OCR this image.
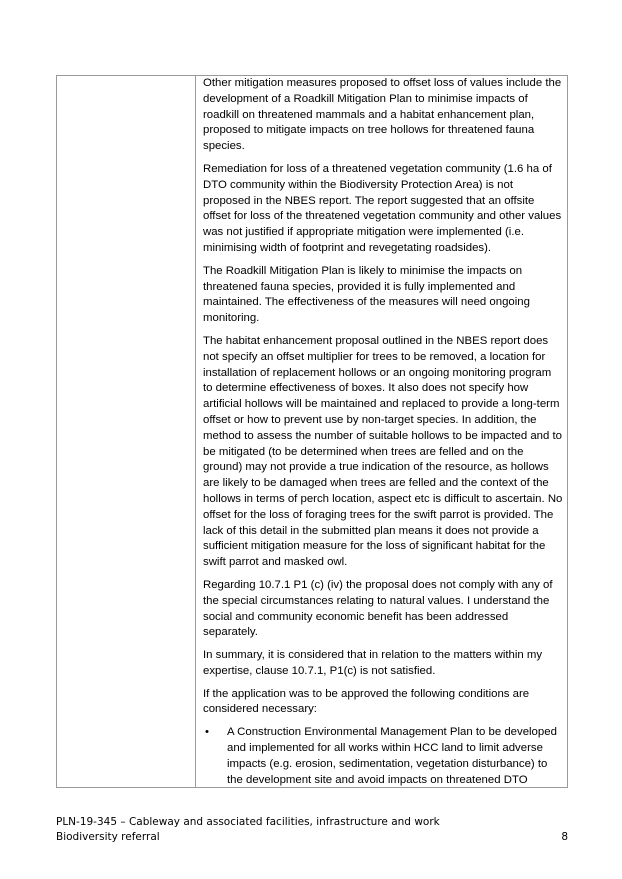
Other mitigation measures proposed to offset loss of values include the development of a Roadkill Mitigation Plan to minimise impacts of roadkill on threatened mammals and a habitat enhancement plan, proposed to mitigate impacts on tree hollows for threatened fauna species.

Remediation for loss of a threatened vegetation community (1.6 ha of DTO community within the Biodiversity Protection Area) is not proposed in the NBES report. The report suggested that an offsite offset for loss of the threatened vegetation community and other values was not justified if appropriate mitigation were implemented (i.e. minimising width of footprint and revegetating roadsides).

The Roadkill Mitigation Plan is likely to minimise the impacts on threatened fauna species, provided it is fully implemented and maintained. The effectiveness of the measures will need ongoing monitoring.

The habitat enhancement proposal outlined in the NBES report does not specify an offset multiplier for trees to be removed, a location for installation of replacement hollows or an ongoing monitoring program to determine effectiveness of boxes. It also does not specify how artificial hollows will be maintained and replaced to provide a long-term offset or how to prevent use by non-target species. In addition, the method to assess the number of suitable hollows to be impacted and to be mitigated (to be determined when trees are felled and on the ground) may not provide a true indication of the resource, as hollows are likely to be damaged when trees are felled and the context of the hollows in terms of perch location, aspect etc is difficult to ascertain. No offset for the loss of foraging trees for the swift parrot is provided. The lack of this detail in the submitted plan means it does not provide a sufficient mitigation measure for the loss of significant habitat for the swift parrot and masked owl.

Regarding 10.7.1 P1 (c) (iv) the proposal does not comply with any of the special circumstances relating to natural values. I understand the social and community economic benefit has been addressed separately.

In summary, it is considered that in relation to the matters within my expertise, clause 10.7.1, P1(c) is not satisfied.

If the application was to be approved the following conditions are considered necessary:

•	A Construction Environmental Management Plan to be developed and implemented for all works within HCC land to limit adverse impacts (e.g. erosion, sedimentation, vegetation disturbance) to the development site and avoid impacts on threatened DTO
PLN-19-345 – Cableway and associated facilities, infrastructure and work
Biodiversity referral	8
